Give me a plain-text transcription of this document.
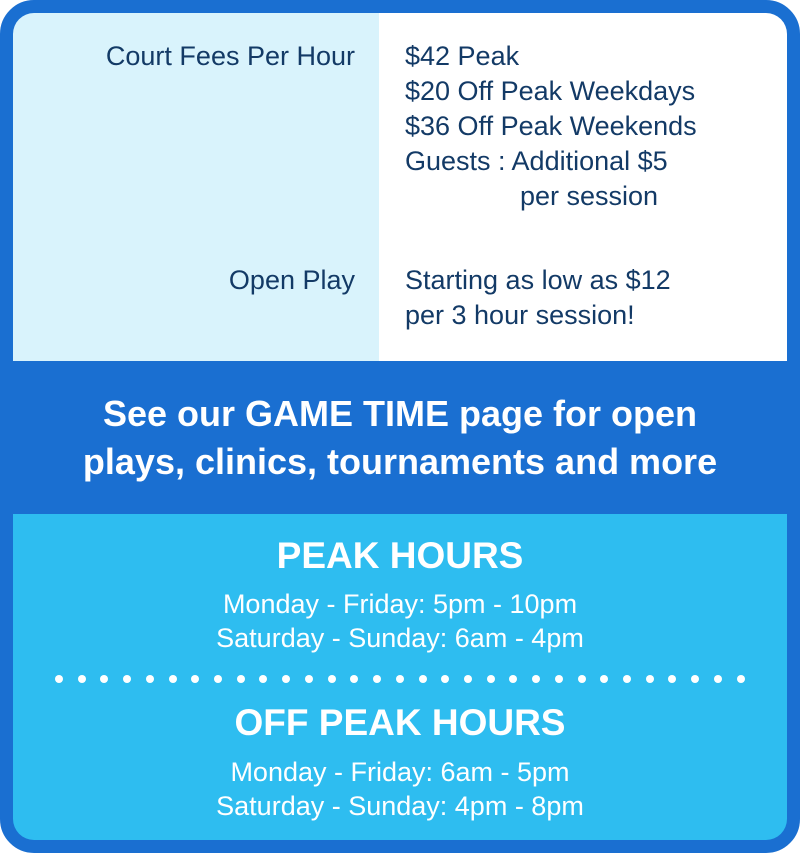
Court Fees Per Hour
Open Play
$42 Peak
$20 Off Peak Weekdays
$36 Off Peak Weekends
Guests : Additional $5
per session
Starting as low as $12
per 3 hour session!
See our GAME TIME page for open
plays, clinics, tournaments and more
PEAK HOURS
Monday - Friday: 5pm - 10pm
Saturday - Sunday: 6am - 4pm
OFF PEAK HOURS
Monday - Friday: 6am - 5pm
Saturday - Sunday: 4pm - 8pm
